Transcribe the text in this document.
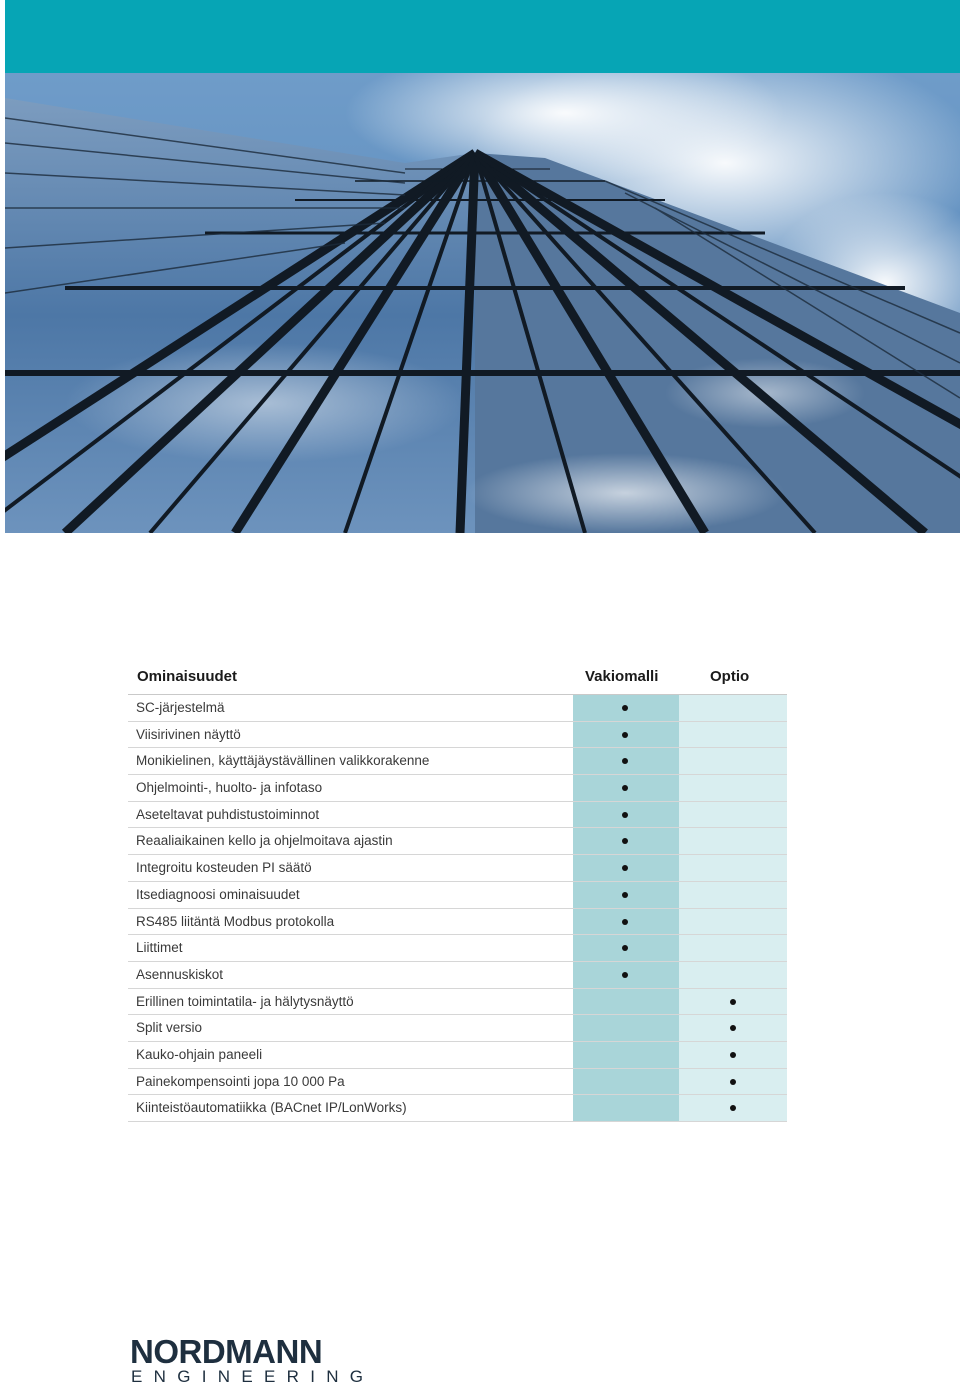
Ominaisuudet	Vakiomalli	Optio
SC-järjestelmä
Viisirivinen näyttö
Monikielinen, käyttäjäystävällinen valikkorakenne
Ohjelmointi-, huolto- ja infotaso
Aseteltavat puhdistustoiminnot
Reaaliaikainen kello ja ohjelmoitava ajastin
Integroitu kosteuden PI säätö
Itsediagnoosi ominaisuudet
RS485 liitäntä Modbus protokolla
Liittimet
Asennuskiskot
Erillinen toimintatila- ja hälytysnäyttö
Split versio
Kauko-ohjain paneeli
Painekompensointi jopa 10 000 Pa
Kiinteistöautomatiikka (BACnet IP/LonWorks)
NORDMANN
ENGINEERING
